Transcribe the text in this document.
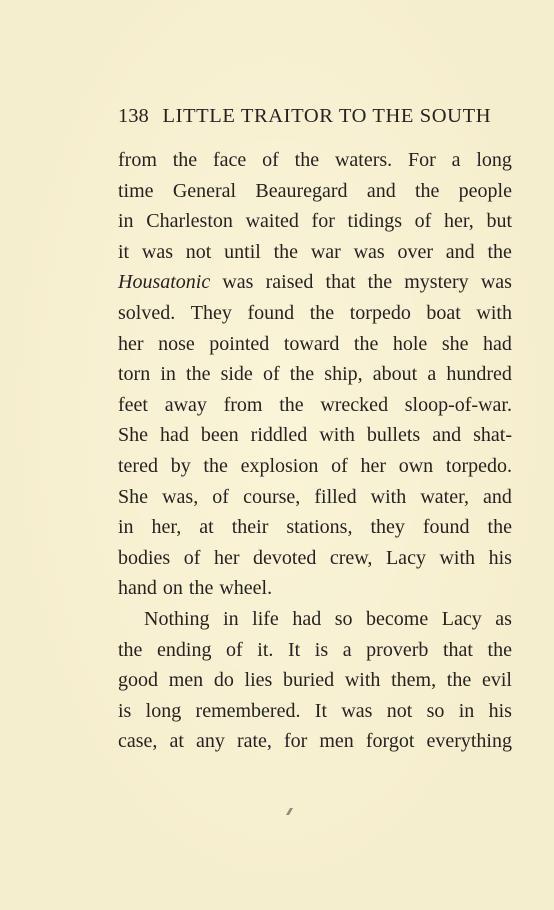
138 LITTLE TRAITOR TO THE SOUTH
from the face of the waters. For a long
time General Beauregard and the people
in Charleston waited for tidings of her, but
it was not until the war was over and the
Housatonic was raised that the mystery was
solved. They found the torpedo boat with
her nose pointed toward the hole she had
torn in the side of the ship, about a hundred
feet away from the wrecked sloop-of-war.
She had been riddled with bullets and shat-
tered by the explosion of her own torpedo.
She was, of course, filled with water, and
in her, at their stations, they found the
bodies of her devoted crew, Lacy with his
hand on the wheel.
Nothing in life had so become Lacy as
the ending of it. It is a proverb that the
good men do lies buried with them, the evil
is long remembered. It was not so in his
case, at any rate, for men forgot everything
